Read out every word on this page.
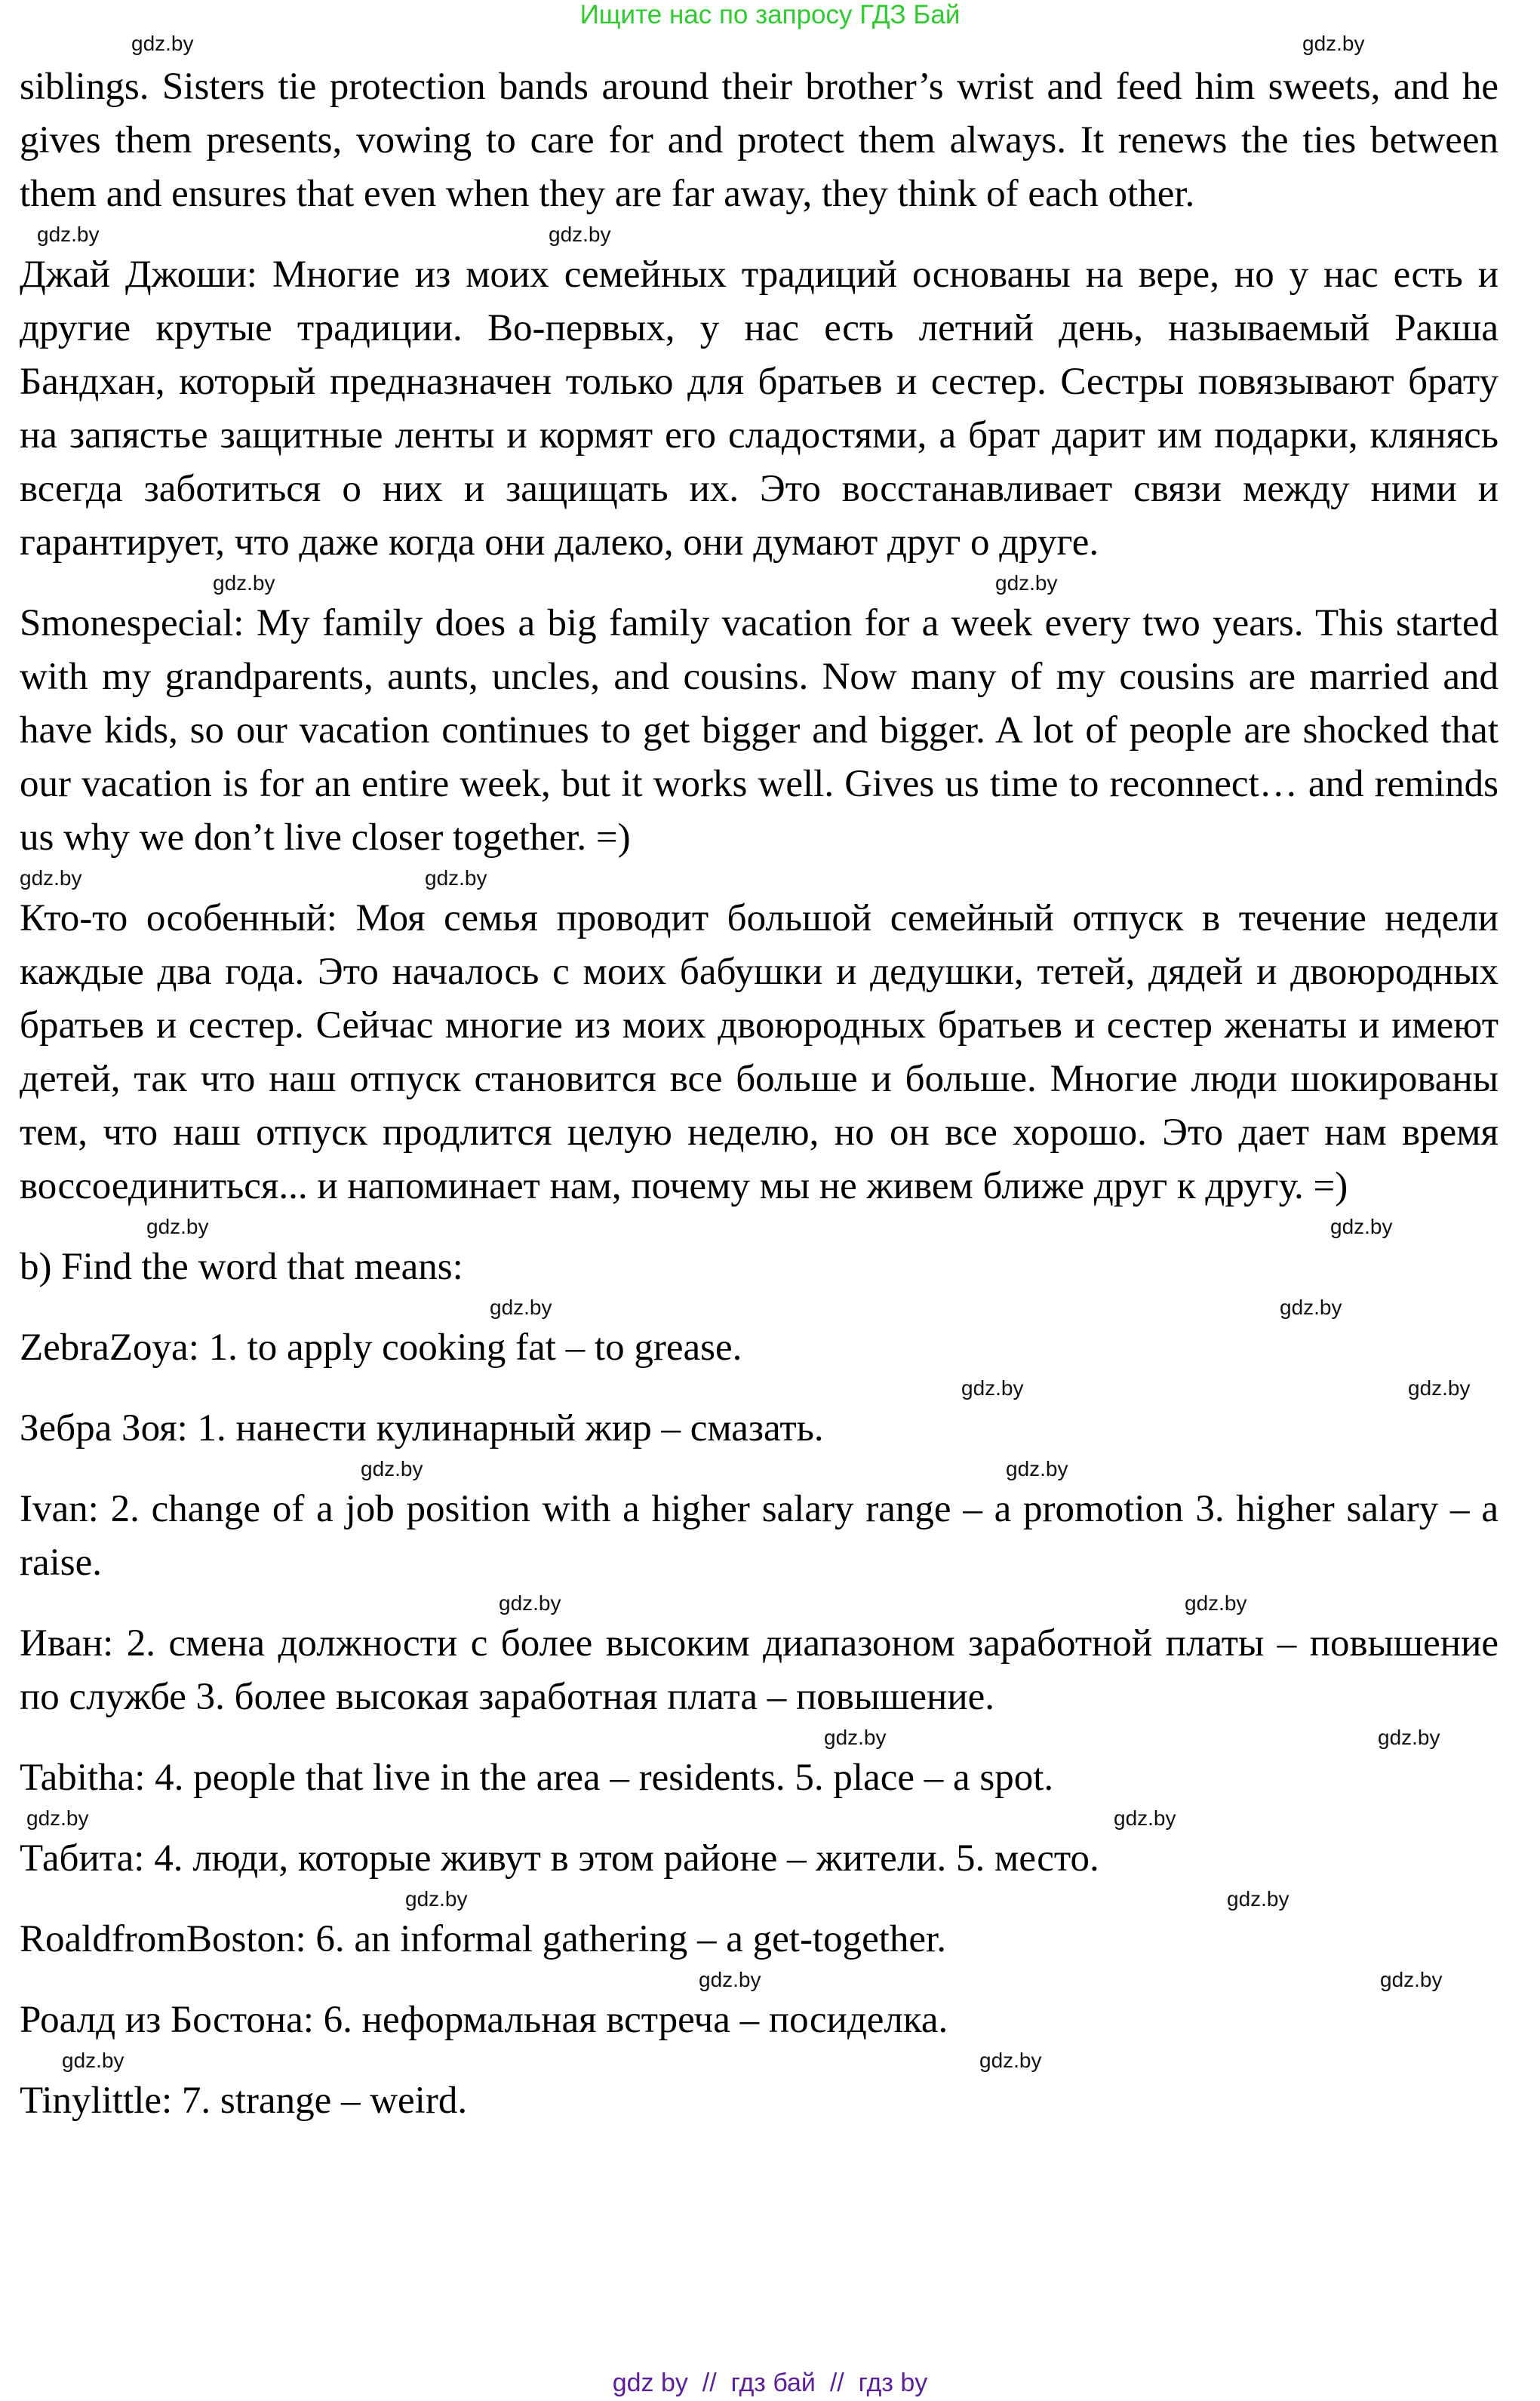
Ищите нас по запросу ГДЗ Бай
gdz.by	gdz.by

siblings. Sisters tie protection bands around their brother’s wrist and feed him sweets, and he gives them presents, vowing to care for and protect them always. It renews the ties between them and ensures that even when they are far away, they think of each other.

gdz.by	gdz.by

Джай Джоши: Многие из моих семейных традиций основаны на вере, но у нас есть и другие крутые традиции. Во-первых, у нас есть летний день, называемый Ракша Бандхан, который предназначен только для братьев и сестер. Сестры повязывают брату на запястье защитные ленты и кормят его сладостями, а брат дарит им подарки, клянясь всегда заботиться о них и защищать их. Это восстанавливает связи между ними и гарантирует, что даже когда они далеко, они думают друг о друге.

gdz.by	gdz.by

Smonespecial: My family does a big family vacation for a week every two years. This started with my grandparents, aunts, uncles, and cousins. Now many of my cousins are married and have kids, so our vacation continues to get bigger and bigger. A lot of people are shocked that our vacation is for an entire week, but it works well. Gives us time to reconnect… and reminds us why we don’t live closer together. =)

gdz.by	gdz.by

Кто-то особенный: Моя семья проводит большой семейный отпуск в течение недели каждые два года. Это началось с моих бабушки и дедушки, тетей, дядей и двоюродных братьев и сестер. Сейчас многие из моих двоюродных братьев и сестер женаты и имеют детей, так что наш отпуск становится все больше и больше. Многие люди шокированы тем, что наш отпуск продлится целую неделю, но он все хорошо. Это дает нам время воссоединиться... и напоминает нам, почему мы не живем ближе друг к другу. =)

gdz.by	gdz.by

b) Find the word that means:

gdz.by	gdz.by

ZebraZoya: 1. to apply cooking fat – to grease.

gdz.by	gdz.by

Зебра Зоя: 1. нанести кулинарный жир – смазать.

gdz.by	gdz.by

Ivan: 2. change of a job position with a higher salary range – a promotion 3. higher salary – a raise.

gdz.by	gdz.by

Иван: 2. смена должности с более высоким диапазоном заработной платы – повышение по службе 3. более высокая заработная плата – повышение.

gdz.by	gdz.by

Tabitha: 4. people that live in the area – residents. 5. place – a spot.

gdz.by	gdz.by

Табита: 4. люди, которые живут в этом районе – жители. 5. место.

gdz.by	gdz.by

RoaldfromBoston: 6. an informal gathering – a get-together.

gdz.by
gdz.by

Роалд из Бостона: 6. неформальная встреча – посиделка.

gdz.by	gdz.by

Tinylittle: 7. strange – weird.

gdz by  //  гдз бай  //  гдз by
